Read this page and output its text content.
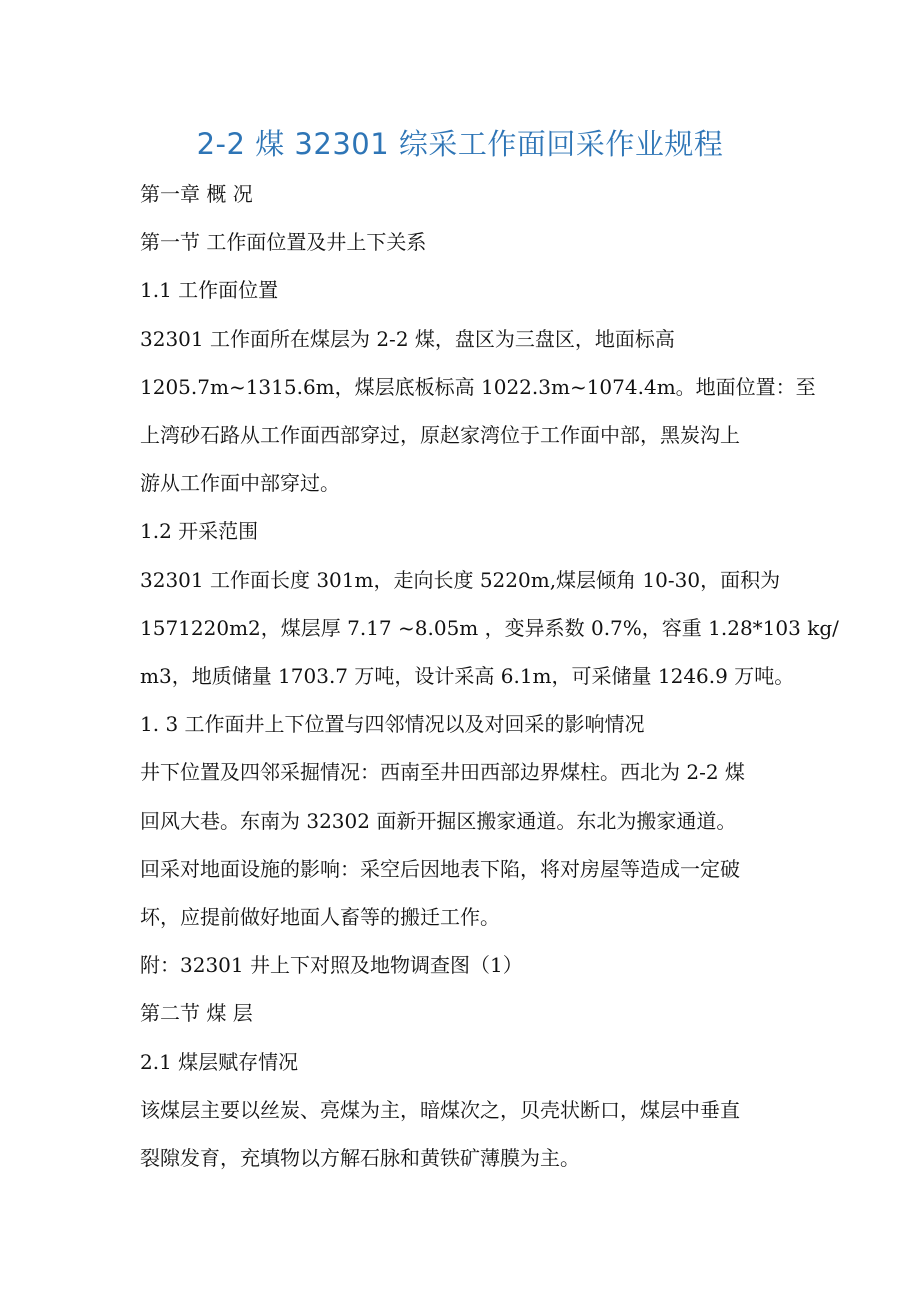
2-2 煤 32301 综采工作面回采作业规程

第一章 概 况

第一节 工作面位置及井上下关系

1.1 工作面位置

32301 工作面所在煤层为 2-2 煤，盘区为三盘区，地面标高

1205.7m~1315.6m，煤层底板标高 1022.3m~1074.4m。地面位置：至

上湾砂石路从工作面西部穿过，原赵家湾位于工作面中部，黑炭沟上

游从工作面中部穿过。

1.2 开采范围

32301 工作面长度 301m，走向长度 5220m,煤层倾角 10-30，面积为

1571220m2，煤层厚 7.17 ~8.05m ，变异系数 0.7%，容重 1.28*103 kg/

m3，地质储量 1703.7 万吨，设计采高 6.1m，可采储量 1246.9 万吨。

1. 3 工作面井上下位置与四邻情况以及对回采的影响情况

井下位置及四邻采掘情况：西南至井田西部边界煤柱。西北为 2-2 煤

回风大巷。东南为 32302 面新开掘区搬家通道。东北为搬家通道。

回采对地面设施的影响：采空后因地表下陷，将对房屋等造成一定破

坏，应提前做好地面人畜等的搬迁工作。

附：32301 井上下对照及地物调查图（1）

第二节 煤 层

2.1 煤层赋存情况

该煤层主要以丝炭、亮煤为主，暗煤次之，贝壳状断口，煤层中垂直

裂隙发育，充填物以方解石脉和黄铁矿薄膜为主。
